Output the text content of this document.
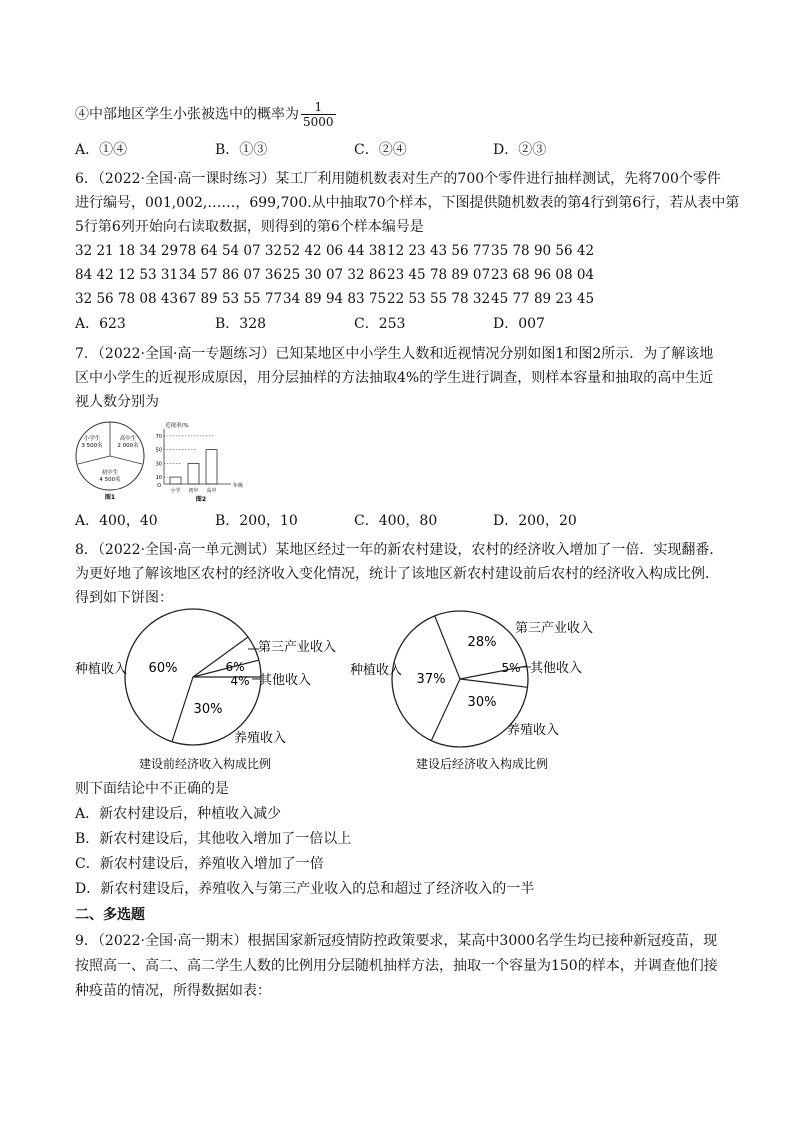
④中部地区学生小张被选中的概率为 $\frac{1}{5000}$
A．①④	B．①③	C．②④	D．②③
6．（2022·全国·高一课时练习）某工厂利用随机数表对生产的700个零件进行抽样测试，先将700个零件
进行编号，001,002,……，699,700.从中抽取70个样本，下图提供随机数表的第4行到第6行，若从表中第
5行第6列开始向右读取数据，则得到的第6个样本编号是
32 21 18 34 29 78 64 54 07 32 52 42 06 44 38 12 23 43 56 77 35 78 90 56 42
84 42 12 53 31 34 57 86 07 36 25 30 07 32 86 23 45 78 89 07 23 68 96 08 04
32 56 78 08 43 67 89 53 55 77 34 89 94 83 75 22 53 55 78 32 45 77 89 23 45
A．623	B．328	C．253	D．007
7．（2022·全国·高一专题练习）已知某地区中小学生人数和近视情况分别如图1和图2所示．为了解该地
区中小学生的近视形成原因，用分层抽样的方法抽取4%的学生进行调查，则样本容量和抽取的高中生近
视人数分别为
小学生
3 500名
高中生
2 000名
初中生
4 500名
图1
近视率/%
O	年级
70
50
30
10
小学 初中 高中
图2
A．400，40	B．200，10	C．400，80	D．200，20
8．（2022·全国·高一单元测试）某地区经过一年的新农村建设，农村的经济收入增加了一倍．实现翻番．
为更好地了解该地区农村的经济收入变化情况，统计了该地区新农村建设前后农村的经济收入构成比例．
得到如下饼图：
60%	6%
4%
30%
种植收入
第三产业收入
其他收入
养殖收入
建设前经济收入构成比例
37%
28%
5%
30%
种植收入
第三产业收入
其他收入
养殖收入
建设后经济收入构成比例
则下面结论中不正确的是
A．新农村建设后，种植收入减少
B．新农村建设后，其他收入增加了一倍以上
C．新农村建设后，养殖收入增加了一倍
D．新农村建设后，养殖收入与第三产业收入的总和超过了经济收入的一半
二、多选题
9．（2022·全国·高一期末）根据国家新冠疫情防控政策要求，某高中3000名学生均已接种新冠疫苗，现
按照高一、高二、高二学生人数的比例用分层随机抽样方法，抽取一个容量为150的样本，并调查他们接
种疫苗的情况，所得数据如表：
